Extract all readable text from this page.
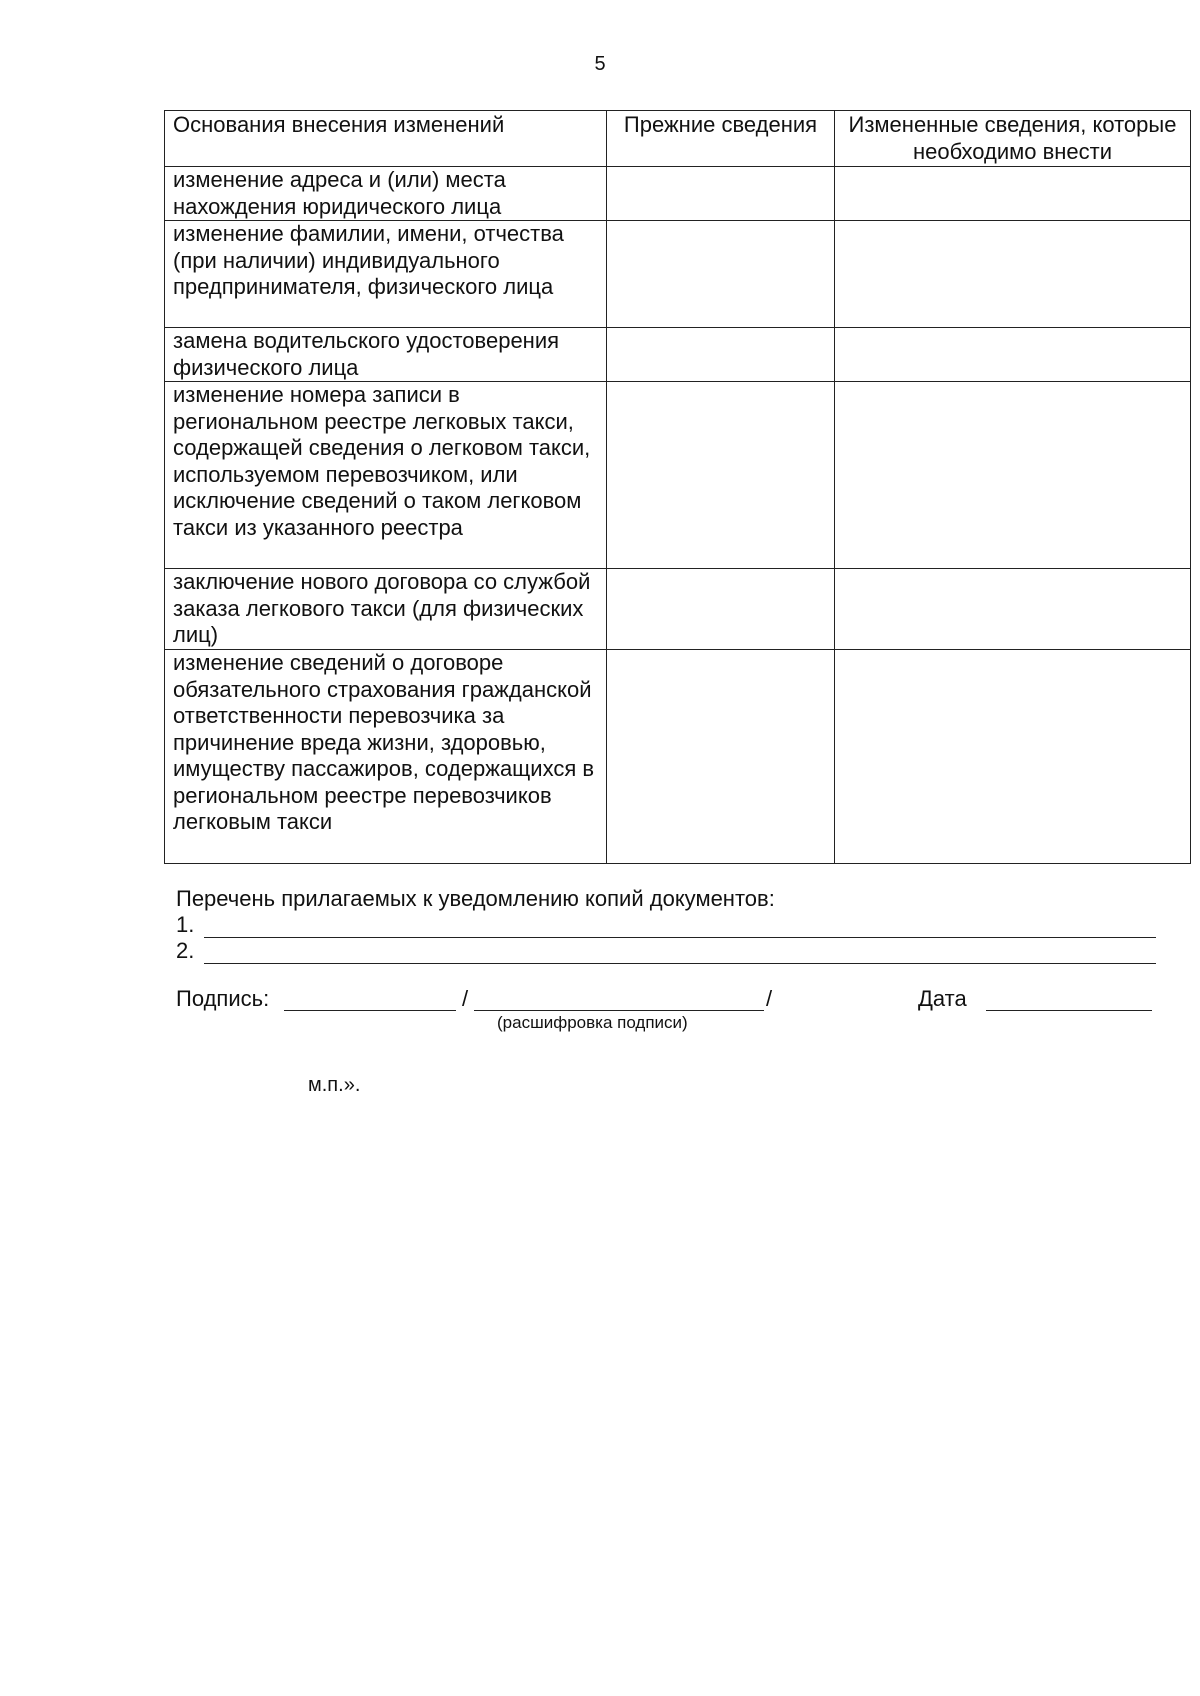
5
Основания внесения изменений	Прежние сведения	Измененные сведения, которые необходимо внести
изменение адреса и (или) места нахождения юридического лица		
изменение фамилии, имени, отчества (при наличии) индивидуального предпринимателя, физического лица		
замена водительского удостоверения физического лица		
изменение номера записи в региональном реестре легковых такси, содержащей сведения о легковом такси, используемом перевозчиком, или исключение сведений о таком легковом такси из указанного реестра		
заключение нового договора со службой заказа легкового такси (для физических лиц)		
изменение сведений о договоре обязательного страхования гражданской ответственности перевозчика за причинение вреда жизни, здоровью, имуществу пассажиров, содержащихся в региональном реестре перевозчиков легковым такси		
Перечень прилагаемых к уведомлению копий документов:
1.
2.
Подпись:	/	/	Дата
(расшифровка подписи)
м.п.».
